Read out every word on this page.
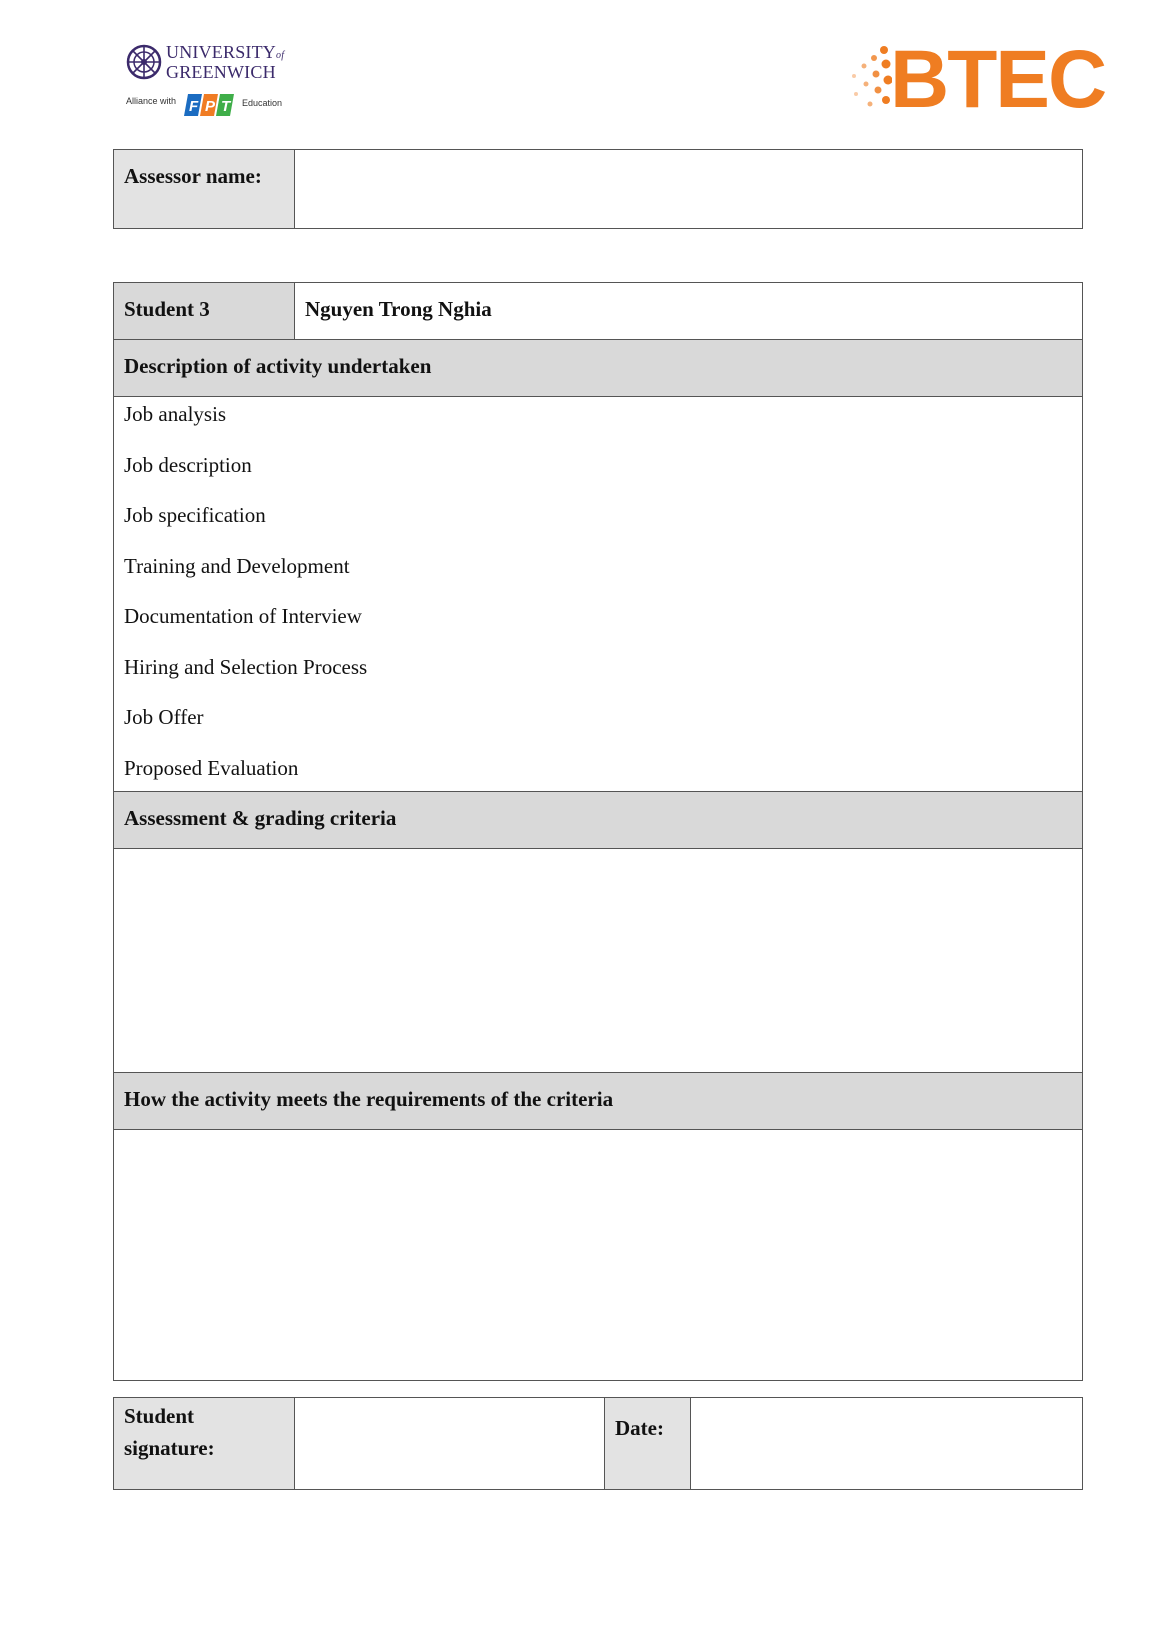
UNIVERSITYof
GREENWICH
Alliance with F P T Education	BTEC
Assessor name:	
Student 3	Nguyen Trong Nghia
Description of activity undertaken

Job analysis
Job description
Job specification
Training and Development
Documentation of Interview
Hiring and Selection Process
Job Offer
Proposed Evaluation

Assessment & grading criteria

How the activity meets the requirements of the criteria

Student signature:		Date:	
